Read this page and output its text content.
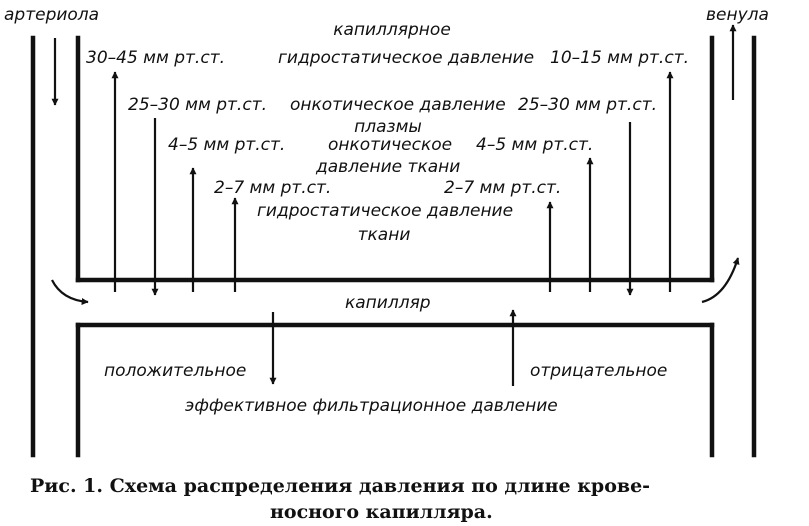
артериола	венула
капиллярное
30–45 мм рт.ст.	гидростатическое давление 10–15 мм рт.ст.
25–30 мм рт.ст. онкотическое давление 25–30 мм рт.ст.
плазмы
4–5 мм рт.ст.	онкотическое 4–5 мм рт.ст.
давление ткани
2–7 мм рт.ст.	2–7 мм рт.ст.
гидростатическое давление
ткани
капилляр
положительное	отрицательное
эффективное фильтрационное давление
Рис. 1. Схема распределения давления по длине крове-
носного капилляра.
